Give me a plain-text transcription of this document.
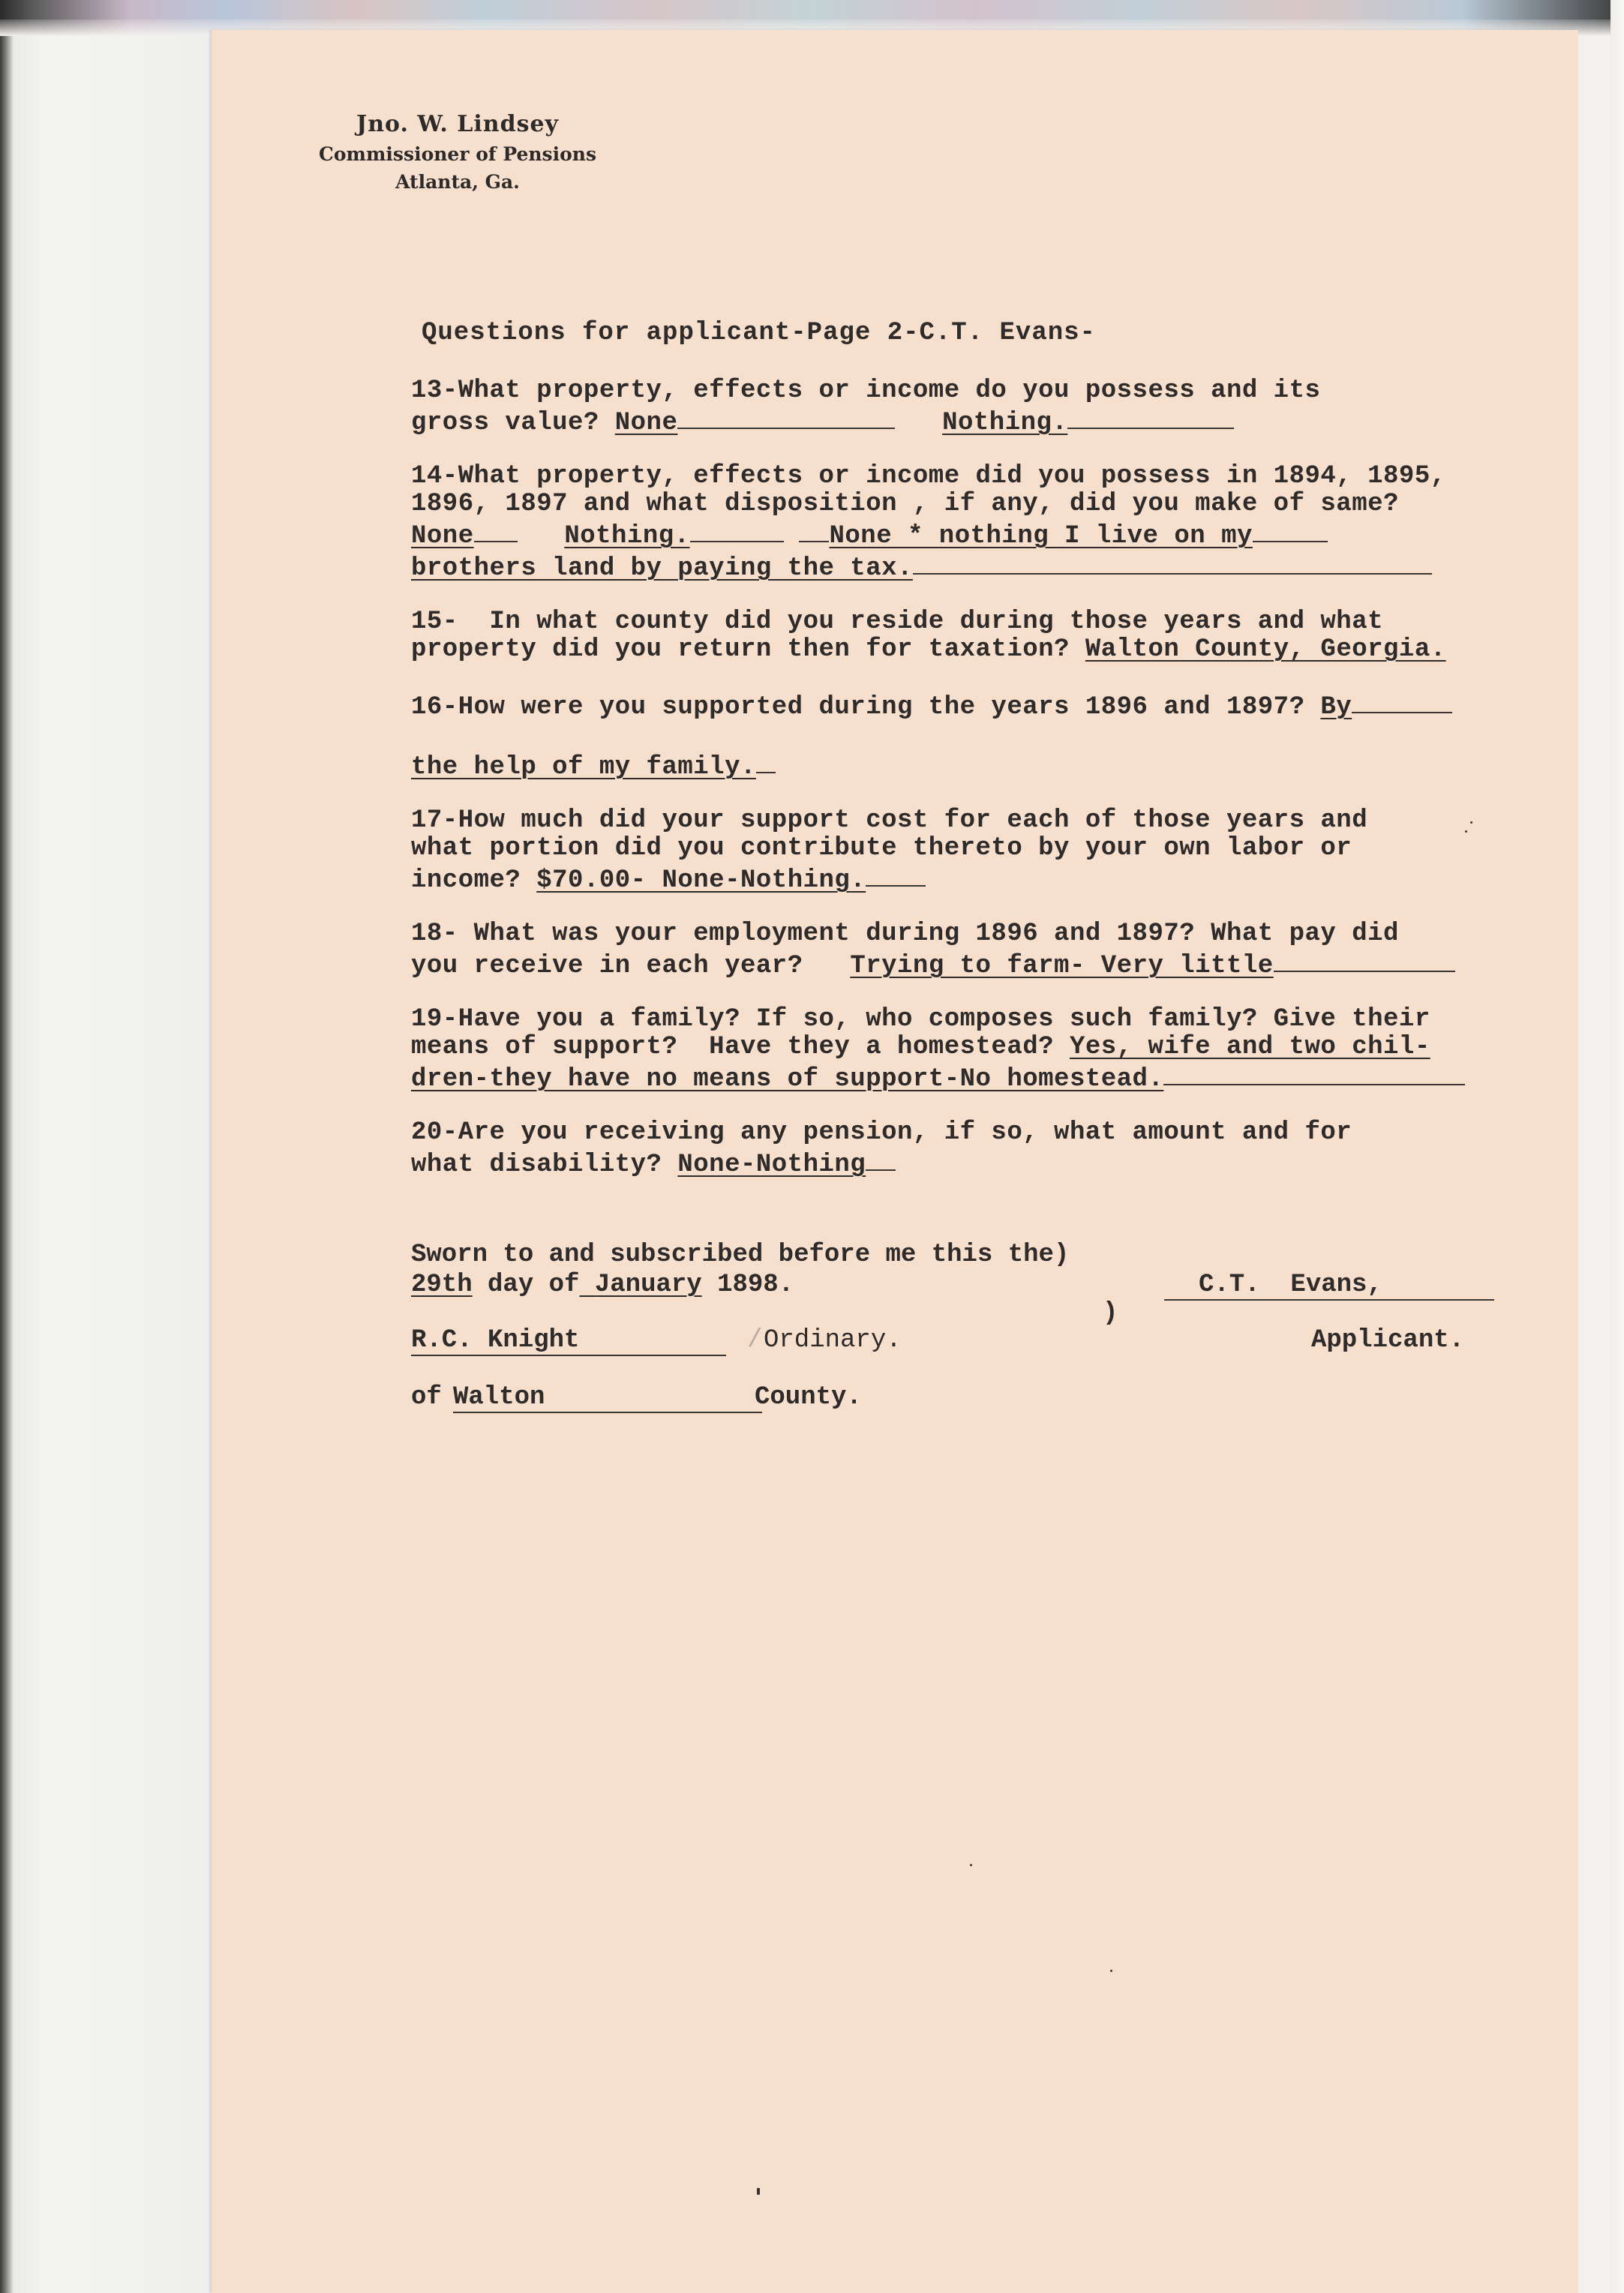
Jno. W. Lindsey
Commissioner of Pensions
Atlanta, Ga.
Questions for applicant-Page 2-C.T. Evans-
13-What property, effects or income do you possess and its
gross value? None	Nothing.
14-What property, effects or income did you possess in 1894, 1895,
1896, 1897 and what disposition , if any, did you make of same?
None	Nothing.	None * nothing I live on my
brothers land by paying the tax.
15-  In what county did you reside during those years and what
property did you return then for taxation? Walton County, Georgia.
16-How were you supported during the years 1896 and 1897? By

the help of my family.
17-How much did your support cost for each of those years and
what portion did you contribute thereto by your own labor or
income? $70.00- None-Nothing.
18- What was your employment during 1896 and 1897? What pay did
you receive in each year? Trying to farm- Very little
19-Have you a family? If so, who composes such family? Give their
means of support?  Have they a homestead? Yes, wife and two chil-
dren-they have no means of support-No homestead.
20-Are you receiving any pension, if so, what amount and for
what disability? None-Nothing
Sworn to and subscribed before me this the)
29th day of January 1898.
)
C.T.  Evans,
R.C. Knight	/ Ordinary.	Applicant.
of Walton	County.
